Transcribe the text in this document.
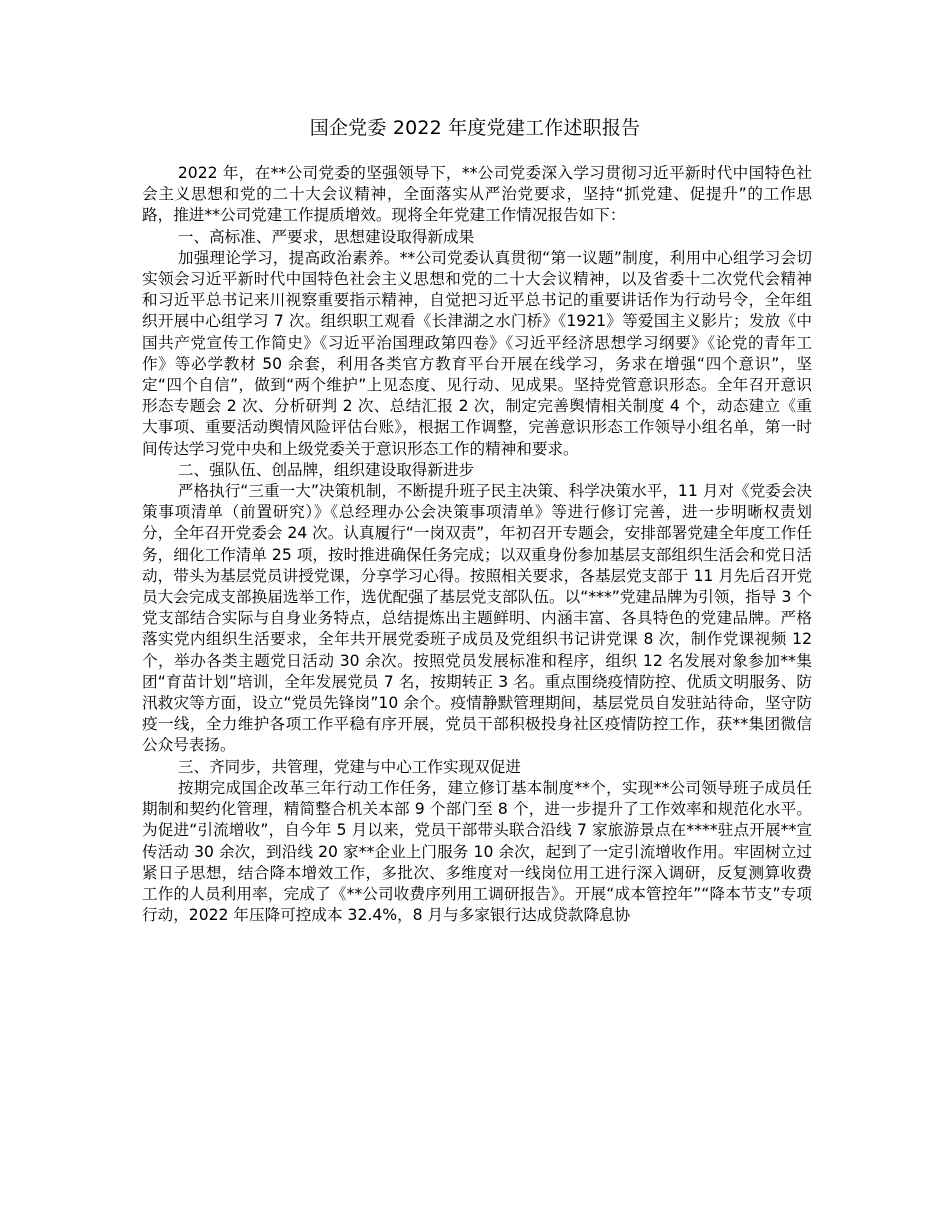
国企党委 2022 年度党建工作述职报告

2022 年，在**公司党委的坚强领导下，**公司党委深入学习贯彻习近平新时代中国特色社会主义思想和党的二十大会议精神，全面落实从严治党要求，坚持“抓党建、促提升”的工作思路，推进**公司党建工作提质增效。现将全年党建工作情况报告如下：

一、高标准、严要求，思想建设取得新成果

加强理论学习，提高政治素养。**公司党委认真贯彻“第一议题”制度，利用中心组学习会切实领会习近平新时代中国特色社会主义思想和党的二十大会议精神，以及省委十二次党代会精神和习近平总书记来川视察重要指示精神，自觉把习近平总书记的重要讲话作为行动号令，全年组织开展中心组学习 7 次。组织职工观看《长津湖之水门桥》《1921》等爱国主义影片；发放《中国共产党宣传工作简史》《习近平治国理政第四卷》《习近平经济思想学习纲要》《论党的青年工作》等必学教材 50 余套，利用各类官方教育平台开展在线学习，务求在增强“四个意识”，坚定“四个自信”，做到“两个维护”上见态度、见行动、见成果。坚持党管意识形态。全年召开意识形态专题会 2 次、分析研判 2 次、总结汇报 2 次，制定完善舆情相关制度 4 个，动态建立《重大事项、重要活动舆情风险评估台账》，根据工作调整，完善意识形态工作领导小组名单，第一时间传达学习党中央和上级党委关于意识形态工作的精神和要求。

二、强队伍、创品牌，组织建设取得新进步

严格执行“三重一大”决策机制，不断提升班子民主决策、科学决策水平，11 月对《党委会决策事项清单（前置研究）》《总经理办公会决策事项清单》等进行修订完善，进一步明晰权责划分，全年召开党委会 24 次。认真履行“一岗双责”，年初召开专题会，安排部署党建全年度工作任务，细化工作清单 25 项，按时推进确保任务完成；以双重身份参加基层支部组织生活会和党日活动，带头为基层党员讲授党课，分享学习心得。按照相关要求，各基层党支部于 11 月先后召开党员大会完成支部换届选举工作，选优配强了基层党支部队伍。以“***”党建品牌为引领，指导 3 个党支部结合实际与自身业务特点，总结提炼出主题鲜明、内涵丰富、各具特色的党建品牌。严格落实党内组织生活要求，全年共开展党委班子成员及党组织书记讲党课 8 次，制作党课视频 12 个，举办各类主题党日活动 30 余次。按照党员发展标准和程序，组织 12 名发展对象参加**集团“育苗计划”培训，全年发展党员 7 名，按期转正 3 名。重点围绕疫情防控、优质文明服务、防汛救灾等方面，设立“党员先锋岗”10 余个。疫情静默管理期间，基层党员自发驻站待命，坚守防疫一线，全力维护各项工作平稳有序开展，党员干部积极投身社区疫情防控工作，获**集团微信公众号表扬。

三、齐同步，共管理，党建与中心工作实现双促进

按期完成国企改革三年行动工作任务，建立修订基本制度**个，实现**公司领导班子成员任期制和契约化管理，精简整合机关本部 9 个部门至 8 个，进一步提升了工作效率和规范化水平。为促进“引流增收”，自今年 5 月以来，党员干部带头联合沿线 7 家旅游景点在****驻点开展**宣传活动 30 余次，到沿线 20 家**企业上门服务 10 余次，起到了一定引流增收作用。牢固树立过紧日子思想，结合降本增效工作，多批次、多维度对一线岗位用工进行深入调研，反复测算收费工作的人员利用率，完成了《**公司收费序列用工调研报告》。开展“成本管控年”“降本节支”专项行动，2022 年压降可控成本 32.4%，8 月与多家银行达成贷款降息协
